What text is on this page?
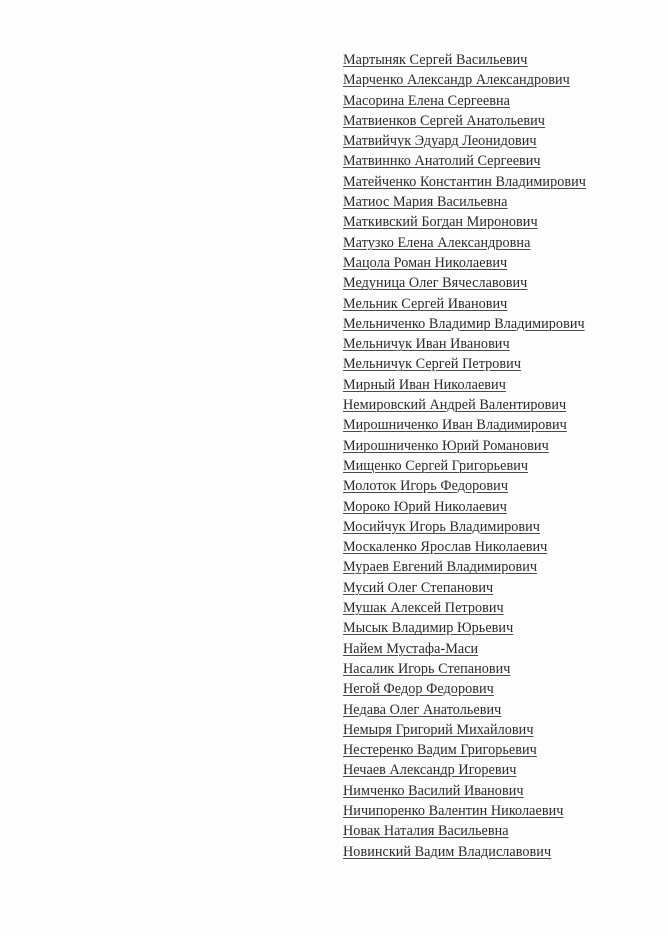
Мартыняк Сергей Васильевич
Марченко Александр Александрович
Масорина Елена Сергеевна
Матвиенков Сергей Анатольевич
Матвийчук Эдуард Леонидович
Матвиннко Анатолий Сергеевич
Матейченко Константин Владимирович
Матиос Мария Васильевна
Маткивский Богдан Миронович
Матузко Елена Александровна
Мацола Роман Николаевич
Медуница Олег Вячеславович
Мельник Сергей Иванович
Мельниченко Владимир Владимирович
Мельничук Иван Иванович
Мельничук Сергей Петрович
Мирный Иван Николаевич
Немировский Андрей Валентирович
Мирошниченко Иван Владимирович
Мирошниченко Юрий Романович
Мищенко Сергей Григорьевич
Молоток Игорь Федорович
Мороко Юрий Николаевич
Мосийчук Игорь Владимирович
Москаленко Ярослав Николаевич
Мураев Евгений Владимирович
Мусий Олег Степанович
Мушак Алексей Петрович
Мысык Владимир Юрьевич
Найем Мустафа-Маси
Насалик Игорь Степанович
Негой Федор Федорович
Недава Олег Анатольевич
Немыря Григорий Михайлович
Нестеренко Вадим Григорьевич
Нечаев Александр Игоревич
Нимченко Василий Иванович
Ничипоренко Валентин Николаевич
Новак Наталия Васильевна
Новинский Вадим Владиславович
